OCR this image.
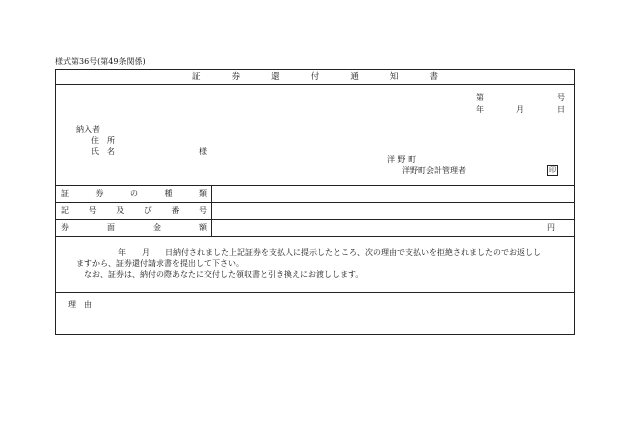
様式第36号(第49条関係)
証	券	還	付	通	知	書
第	号
年	月	日
納入者
住　所
氏　名	様
洋 野 町
洋野町会計管理者	印
証	券	の	種	類
記 号 及 び 番 号
券	面	金	額	円
年 月 日納付されました上記証券を支払人に提示したところ、次の理由で支払いを拒絶されましたのでお返しし
ますから、証券還付請求書を提出して下さい。
なお、証券は、納付の際あなたに交付した領収書と引き換えにお渡しします。
理　由
